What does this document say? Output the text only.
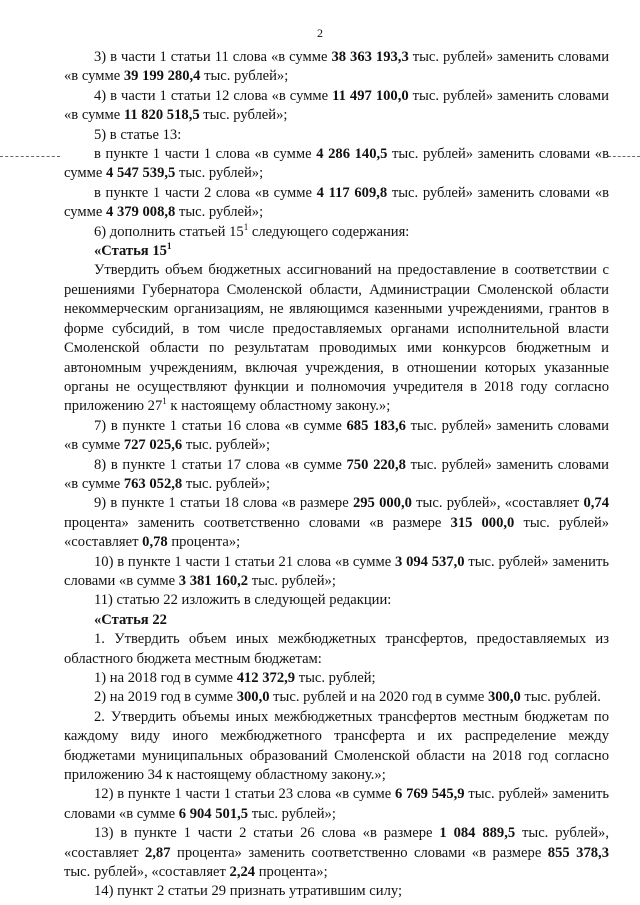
2

3) в части 1 статьи 11 слова «в сумме 38 363 193,3 тыс. рублей» заменить словами «в сумме 39 199 280,4 тыс. рублей»;

4) в части 1 статьи 12 слова «в сумме 11 497 100,0 тыс. рублей» заменить словами «в сумме 11 820 518,5 тыс. рублей»;

5) в статье 13:

в пункте 1 части 1 слова «в сумме 4 286 140,5 тыс. рублей» заменить словами «в сумме 4 547 539,5 тыс. рублей»;

в пункте 1 части 2 слова «в сумме 4 117 609,8 тыс. рублей» заменить словами «в сумме 4 379 008,8 тыс. рублей»;

6) дополнить статьей $15^1$ следующего содержания:

«Статья $15^1$

Утвердить объем бюджетных ассигнований на предоставление в соответствии с решениями Губернатора Смоленской области, Администрации Смоленской области некоммерческим организациям, не являющимся казенными учреждениями, грантов в форме субсидий, в том числе предоставляемых органами исполнительной власти Смоленской области по результатам проводимых ими конкурсов бюджетным и автономным учреждениям, включая учреждения, в отношении которых указанные органы не осуществляют функции и полномочия учредителя в 2018 году согласно приложению $27^1$ к настоящему областному закону.»;

7) в пункте 1 статьи 16 слова «в сумме 685 183,6 тыс. рублей» заменить словами «в сумме 727 025,6 тыс. рублей»;

8) в пункте 1 статьи 17 слова «в сумме 750 220,8 тыс. рублей» заменить словами «в сумме 763 052,8 тыс. рублей»;

9) в пункте 1 статьи 18 слова «в размере 295 000,0 тыс. рублей», «составляет 0,74 процента» заменить соответственно словами «в размере 315 000,0 тыс. рублей» «составляет 0,78 процента»;

10) в пункте 1 части 1 статьи 21 слова «в сумме 3 094 537,0 тыс. рублей» заменить словами «в сумме 3 381 160,2 тыс. рублей»;

11) статью 22 изложить в следующей редакции:

«Статья 22

1. Утвердить объем иных межбюджетных трансфертов, предоставляемых из областного бюджета местным бюджетам:

1) на 2018 год в сумме 412 372,9 тыс. рублей;

2) на 2019 год в сумме 300,0 тыс. рублей и на 2020 год в сумме 300,0 тыс. рублей.

2. Утвердить объемы иных межбюджетных трансфертов местным бюджетам по каждому виду иного межбюджетного трансферта и их распределение между бюджетами муниципальных образований Смоленской области на 2018 год согласно приложению 34 к настоящему областному закону.»;

12) в пункте 1 части 1 статьи 23 слова «в сумме 6 769 545,9 тыс. рублей» заменить словами «в сумме 6 904 501,5 тыс. рублей»;

13) в пункте 1 части 2 статьи 26 слова «в размере 1 084 889,5 тыс. рублей», «составляет 2,87 процента» заменить соответственно словами «в размере 855 378,3 тыс. рублей», «составляет 2,24 процента»;

14) пункт 2 статьи 29 признать утратившим силу;
